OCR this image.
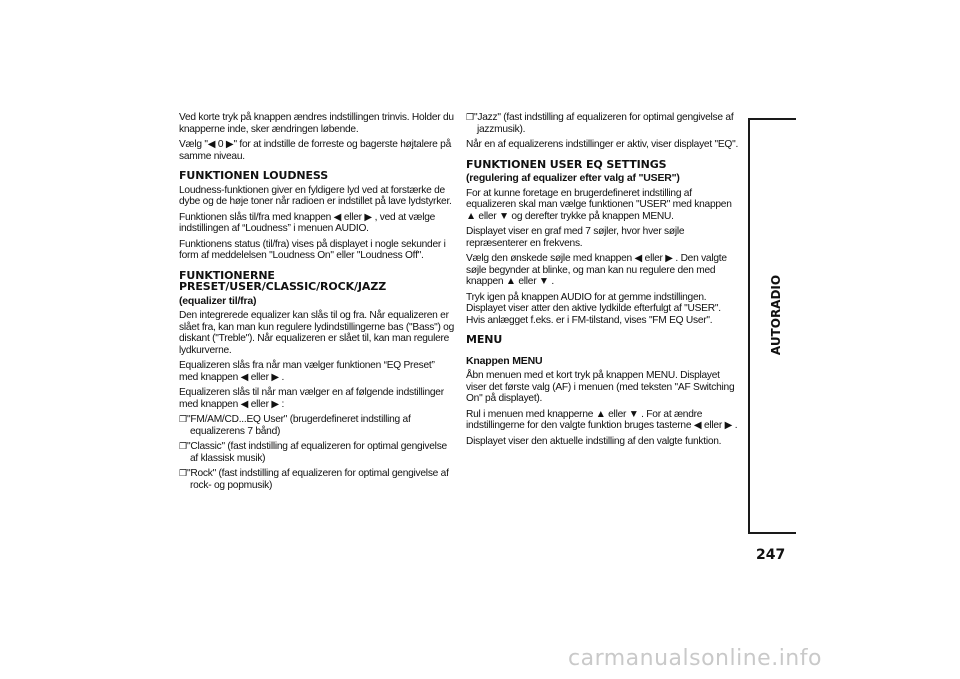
Ved korte tryk på knappen ændres indstillingen trinvis. Holder du knapperne inde, sker ændringen løbende.

Vælg "◀ 0 ▶" for at indstille de forreste og bagerste højtalere på samme niveau.

FUNKTIONEN LOUDNESS

Loudness-funktionen giver en fyldigere lyd ved at forstærke de dybe og de høje toner når radioen er indstillet på lave lydstyrker.

Funktionen slås til/fra med knappen ◀ eller ▶ , ved at vælge indstillingen af “Loudness” i menuen AUDIO.

Funktionens status (til/fra) vises på displayet i nogle sekunder i form af meddelelsen "Loudness On" eller "Loudness Off".

FUNKTIONERNE PRESET/USER/CLASSIC/ROCK/JAZZ
(equalizer til/fra)

Den integrerede equalizer kan slås til og fra. Når equalizeren er slået fra, kan man kun regulere lydindstillingerne bas ("Bass") og diskant ("Treble"). Når equalizeren er slået til, kan man regulere lydkurverne.

Equalizeren slås fra når man vælger funktionen “EQ Preset” med knappen ◀ eller ▶ .

Equalizeren slås til når man vælger en af følgende indstillinger med knappen ◀ eller ▶ :

❒"FM/AM/CD...EQ User" (brugerdefineret indstilling af equalizerens 7 bånd)

❒"Classic" (fast indstilling af equalizeren for optimal gengivelse af klassisk musik)

❒"Rock" (fast indstilling af equalizeren for optimal gengivelse af rock- og popmusik)

❒"Jazz" (fast indstilling af equalizeren for optimal gengivelse af jazzmusik).

Når en af equalizerens indstillinger er aktiv, viser displayet "EQ".

FUNKTIONEN USER EQ SETTINGS
(regulering af equalizer efter valg af "USER")

For at kunne foretage en brugerdefineret indstilling af equalizeren skal man vælge funktionen "USER" med knappen ▲ eller ▼ og derefter trykke på knappen MENU.

Displayet viser en graf med 7 søjler, hvor hver søjle repræsenterer en frekvens.

Vælg den ønskede søjle med knappen ◀ eller ▶ . Den valgte søjle begynder at blinke, og man kan nu regulere den med knappen ▲ eller ▼ .

Tryk igen på knappen AUDIO for at gemme indstillingen. Displayet viser atter den aktive lydkilde efterfulgt af "USER". Hvis anlægget f.eks. er i FM-tilstand, vises "FM EQ User".

MENU
Knappen MENU

Åbn menuen med et kort tryk på knappen MENU. Displayet viser det første valg (AF) i menuen (med teksten "AF Switching On" på displayet).

Rul i menuen med knapperne ▲ eller ▼ . For at ændre indstillingerne for den valgte funktion bruges tasterne ◀ eller ▶ .

Displayet viser den aktuelle indstilling af den valgte funktion.

AUTORADIO
247
carmanualsonline.info
